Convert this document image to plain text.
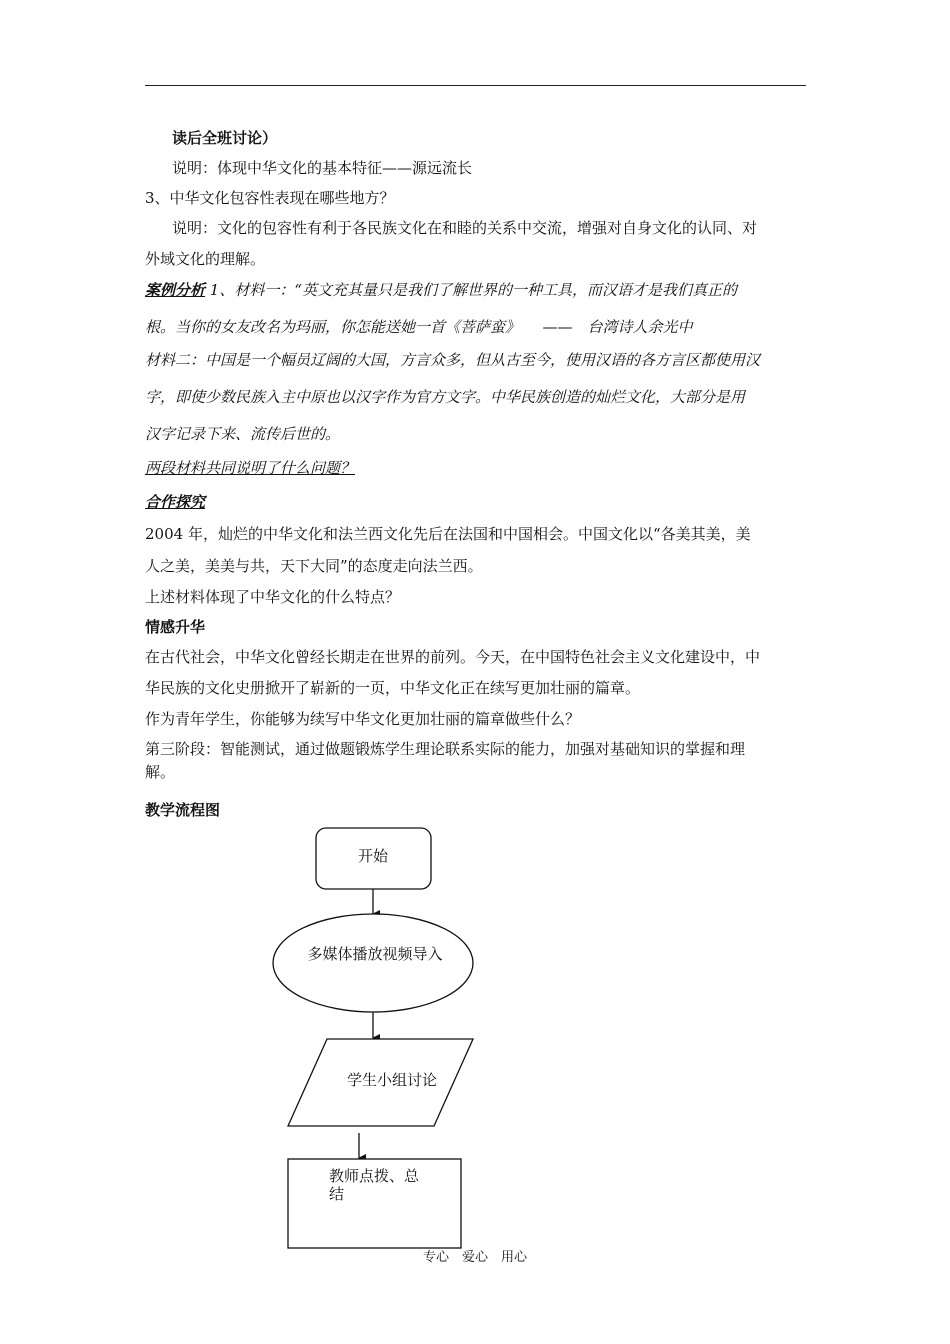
读后全班讨论）
说明：体现中华文化的基本特征——源远流长
3、中华文化包容性表现在哪些地方？
说明：文化的包容性有利于各民族文化在和睦的关系中交流，增强对自身文化的认同、对
外域文化的理解。
案例分析 1、材料一：“英文充其量只是我们了解世界的一种工具，而汉语才是我们真正的
根。当你的女友改名为玛丽，你怎能送她一首《菩萨蛮》　　——　台湾诗人余光中
材料二：中国是一个幅员辽阔的大国，方言众多，但从古至今，使用汉语的各方言区都使用汉
字，即使少数民族入主中原也以汉字作为官方文字。中华民族创造的灿烂文化，大部分是用
汉字记录下来、流传后世的。
两段材料共同说明了什么问题？
合作探究
2004 年，灿烂的中华文化和法兰西文化先后在法国和中国相会。中国文化以“各美其美，美
人之美，美美与共，天下大同”的态度走向法兰西。
上述材料体现了中华文化的什么特点？
情感升华
在古代社会，中华文化曾经长期走在世界的前列。今天，在中国特色社会主义文化建设中，中
华民族的文化史册掀开了崭新的一页，中华文化正在续写更加壮丽的篇章。
作为青年学生，你能够为续写中华文化更加壮丽的篇章做些什么？
第三阶段：智能测试，通过做题锻炼学生理论联系实际的能力，加强对基础知识的掌握和理
解。
教学流程图
开始
多媒体播放视频导入
学生小组讨论
教师点拨、总
结
专心　爱心　用心
